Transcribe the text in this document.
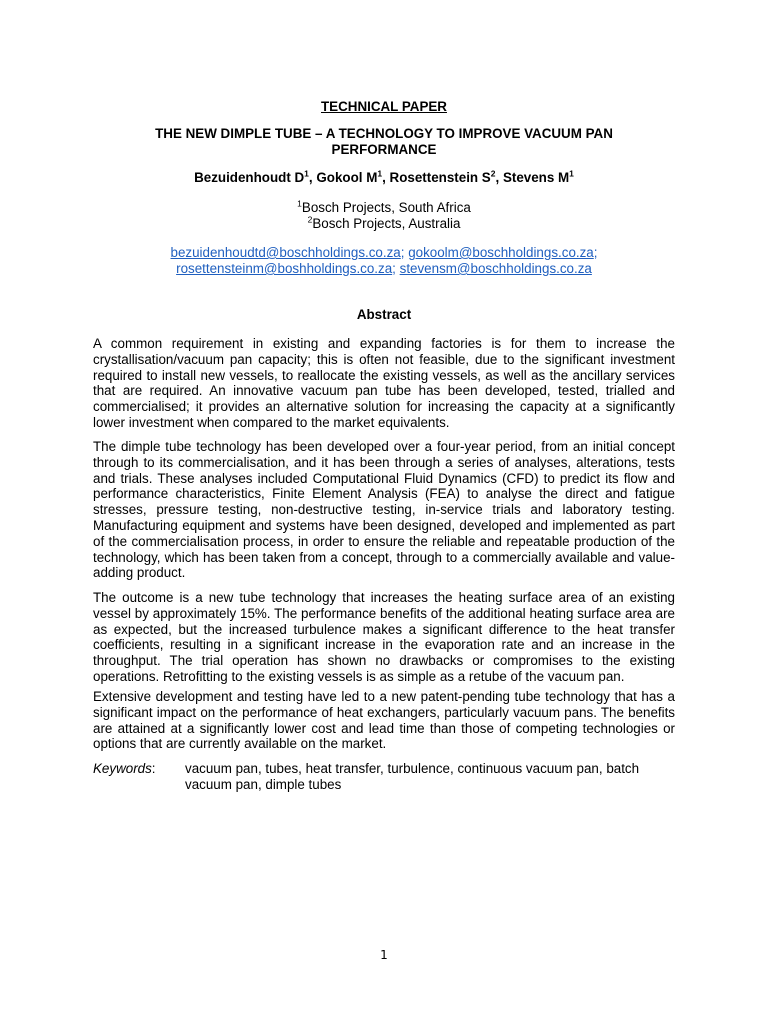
TECHNICAL PAPER
THE NEW DIMPLE TUBE – A TECHNOLOGY TO IMPROVE VACUUM PAN PERFORMANCE
Bezuidenhoudt $D^1$, Gokool $M^1$, Rosettenstein $S^2$, Stevens $M^1$
$^1$Bosch Projects, South Africa
$^2$Bosch Projects, Australia
bezuidenhoudtd@boschholdings.co.za; gokoolm@boschholdings.co.za;
rosettensteinm@boshholdings.co.za; stevensm@boschholdings.co.za
Abstract
A common requirement in existing and expanding factories is for them to increase the crystallisation/vacuum pan capacity; this is often not feasible, due to the significant investment required to install new vessels, to reallocate the existing vessels, as well as the ancillary services that are required. An innovative vacuum pan tube has been developed, tested, trialled and commercialised; it provides an alternative solution for increasing the capacity at a significantly lower investment when compared to the market equivalents.
The dimple tube technology has been developed over a four-year period, from an initial concept through to its commercialisation, and it has been through a series of analyses, alterations, tests and trials. These analyses included Computational Fluid Dynamics (CFD) to predict its flow and performance characteristics, Finite Element Analysis (FEA) to analyse the direct and fatigue stresses, pressure testing, non-destructive testing, in-service trials and laboratory testing. Manufacturing equipment and systems have been designed, developed and implemented as part of the commercialisation process, in order to ensure the reliable and repeatable production of the technology, which has been taken from a concept, through to a commercially available and value-adding product.
The outcome is a new tube technology that increases the heating surface area of an existing vessel by approximately 15%. The performance benefits of the additional heating surface area are as expected, but the increased turbulence makes a significant difference to the heat transfer coefficients, resulting in a significant increase in the evaporation rate and an increase in the throughput. The trial operation has shown no drawbacks or compromises to the existing operations. Retrofitting to the existing vessels is as simple as a retube of the vacuum pan.
Extensive development and testing have led to a new patent-pending tube technology that has a significant impact on the performance of heat exchangers, particularly vacuum pans. The benefits are attained at a significantly lower cost and lead time than those of competing technologies or options that are currently available on the market.
Keywords:	vacuum pan, tubes, heat transfer, turbulence, continuous vacuum pan, batch vacuum pan, dimple tubes
1
